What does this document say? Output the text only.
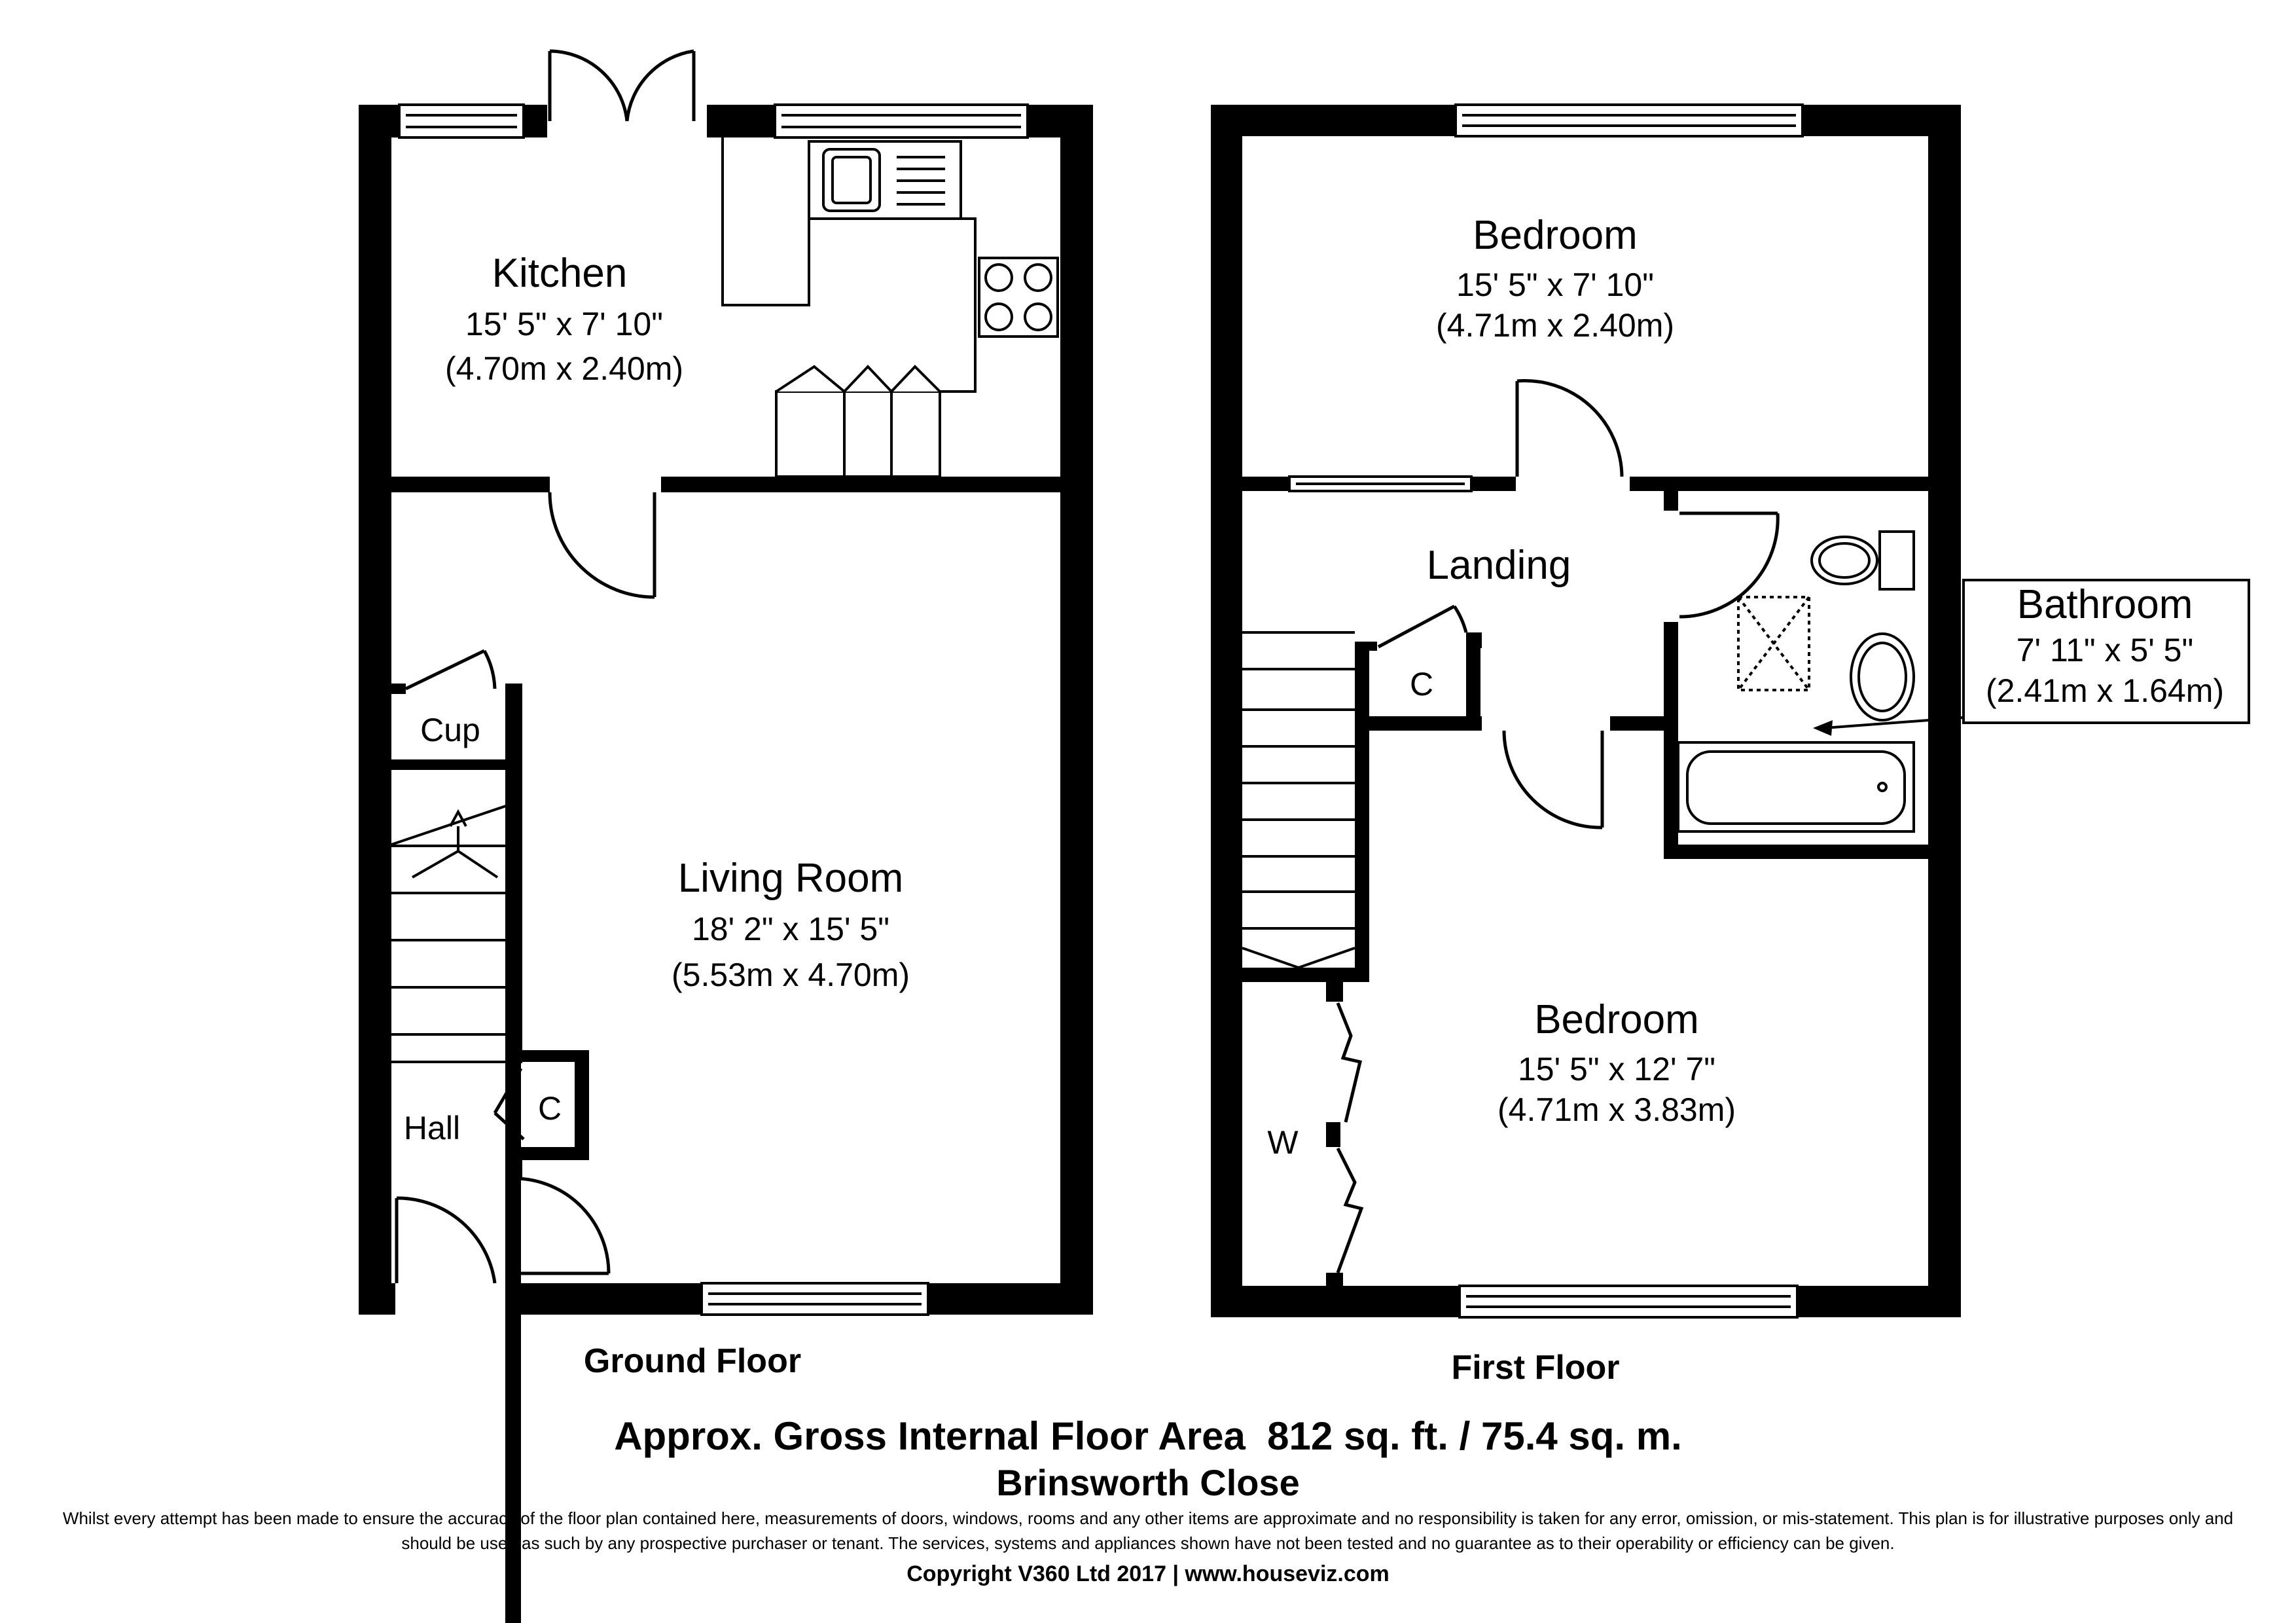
Kitchen
15' 5" x 7' 10"
(4.70m x 2.40m)
Living Room
18' 2" x 15' 5"
(5.53m x 4.70m)
Cup
C
Hall
Ground Floor
Bedroom
15' 5" x 7' 10"
(4.71m x 2.40m)
Landing
C
Bathroom
7' 11" x 5' 5"
(2.41m x 1.64m)
Bedroom
15' 5" x 12' 7"
(4.71m x 3.83m)
W
First Floor
Approx. Gross Internal Floor Area  812 sq. ft. / 75.4 sq. m.
Brinsworth Close
Whilst every attempt has been made to ensure the accuracy of the floor plan contained here, measurements of doors, windows, rooms and any other items are approximate and no responsibility is taken for any error, omission, or mis-statement. This plan is for illustrative purposes only and should be used as such by any prospective purchaser or tenant. The services, systems and appliances shown have not been tested and no guarantee as to their operability or efficiency can be given.
Copyright V360 Ltd 2017 | www.houseviz.com
